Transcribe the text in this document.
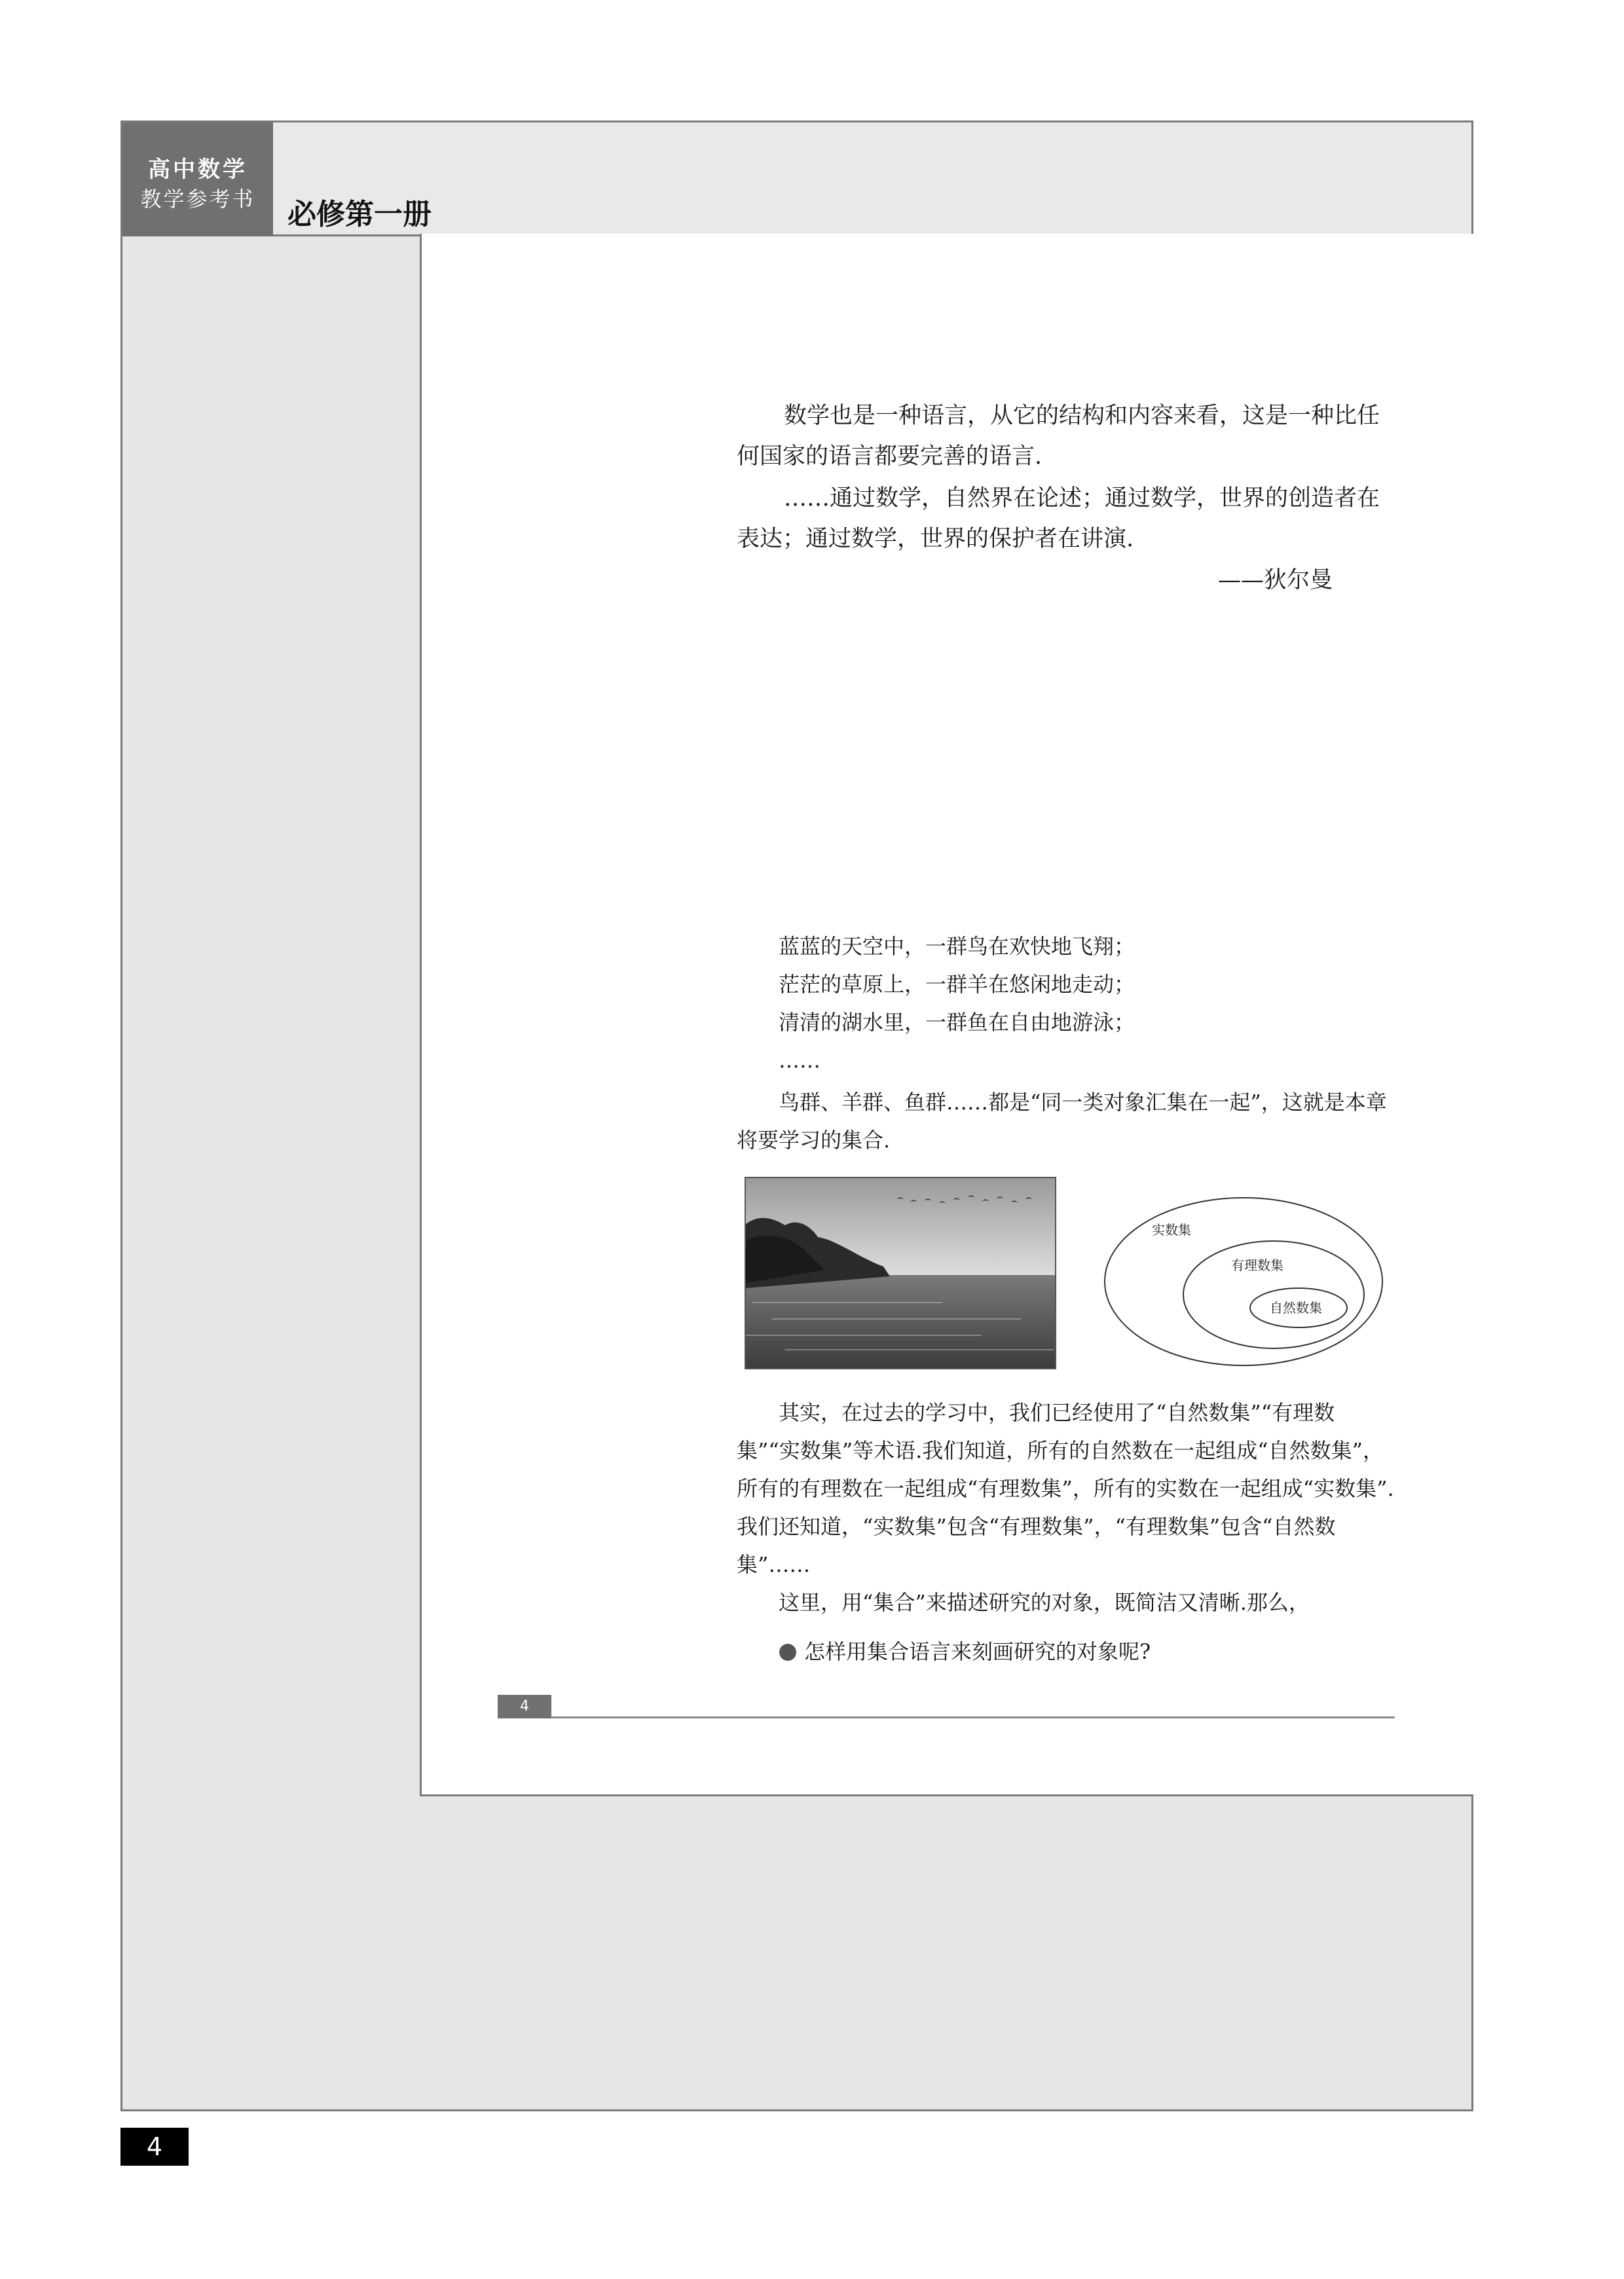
高中数学
教学参考书	必修第一册

数学也是一种语言，从它的结构和内容来看，这是一种比任何国家的语言都要完善的语言.

……通过数学，自然界在论述；通过数学，世界的创造者在表达；通过数学，世界的保护者在讲演.

——狄尔曼
蓝蓝的天空中，一群鸟在欢快地飞翔；
茫茫的草原上，一群羊在悠闲地走动；
清清的湖水里，一群鱼在自由地游泳；
……

鸟群、羊群、鱼群……都是“同一类对象汇集在一起”，这就是本章将要学习的集合.

实数集
有理数集
自然数集

其实，在过去的学习中，我们已经使用了“自然数集”“有理数集”“实数集”等术语.我们知道，所有的自然数在一起组成“自然数集”，所有的有理数在一起组成“有理数集”，所有的实数在一起组成“实数集”.我们还知道，“实数集”包含“有理数集”，“有理数集”包含“自然数集”……

这里，用“集合”来描述研究的对象，既简洁又清晰.那么，

怎样用集合语言来刻画研究的对象呢?
4
4
